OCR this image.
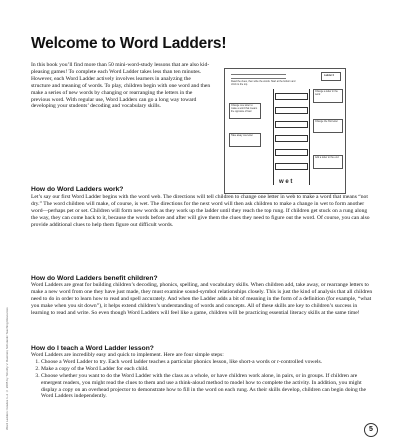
Word Ladders: Grades 1–2 © 2005 by Timothy V. Rasinski, Scholastic Teaching Resources
Welcome to Word Ladders!

In this book you’ll find more than 50 mini-word-study lessons that are also kid-pleasing games! To complete each Word Ladder takes less than ten minutes. However, each Word Ladder actively involves learners in analyzing the structure and meaning of words. To play, children begin with one word and then make a series of new words by changing or rearranging the letters in the previous word. With regular use, Word Ladders can go a long way toward developing your students’ decoding and vocabulary skills.

Ladder 6
Read the clues, then write the words. Start at the bottom and climb to the top.
w e t
Change one letter to make a word that means the opposite of bad
Take away one letter
Change a letter in the word
Change the first letter
Add a letter to the end

How do Word Ladders work?

Let’s say our first Word Ladder begins with the word web. The directions will tell children to change one letter in web to make a word that means “not dry.” The word children will make, of course, is wet. The directions for the next word will then ask children to make a change in wet to form another word—perhaps pet or set. Children will form new words as they work up the ladder until they reach the top rung. If children get stuck on a rung along the way, they can come back to it, because the words before and after will give them the clues they need to figure out the word. Of course, you can also provide additional clues to help them figure out difficult words.

How do Word Ladders benefit children?

Word Ladders are great for building children’s decoding, phonics, spelling, and vocabulary skills. When children add, take away, or rearrange letters to make a new word from one they have just made, they must examine sound-symbol relationships closely. This is just the kind of analysis that all children need to do in order to learn how to read and spell accurately. And when the Ladder adds a bit of meaning in the form of a definition (for example, “what you make when you sit down”), it helps extend children’s understanding of words and concepts. All of these skills are key to children’s success in learning to read and write. So even though Word Ladders will feel like a game, children will be practicing essential literacy skills at the same time!

How do I teach a Word Ladder lesson?

Word Ladders are incredibly easy and quick to implement. Here are four simple steps:

1. Choose a Word Ladder to try. Each word ladder teaches a particular phonics lesson, like short-a words or r-controlled vowels.
2. Make a copy of the Word Ladder for each child.
3. Choose whether you want to do the Word Ladder with the class as a whole, or have children work alone, in pairs, or in groups. If children are emergent readers, you might read the clues to them and use a think-aloud method to model how to complete the activity. In addition, you might display a copy on an overhead projector to demonstrate how to fill in the word on each rung. As their skills develop, children can begin doing the Word Ladders independently.
5
